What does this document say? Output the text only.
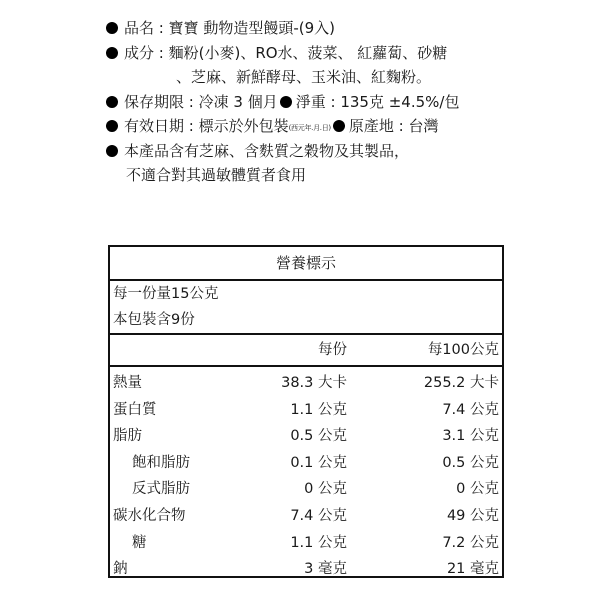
品名 : 寶寶 動物造型饅頭-(9入)
成分 : 麵粉(小麥)、RO水、菠菜、 紅蘿蔔、砂糖
、芝麻、新鮮酵母、玉米油、紅麴粉。
保存期限 : 冷凍 3 個月 淨重 : 135克 ±4.5%/包
有效日期 : 標示於外包裝(西元年.月.日) 原產地 : 台灣
本產品含有芝麻、含麩質之穀物及其製品，
不適合對其過敏體質者食用
營養標示
每一份量15公克
本包裝含9份
每份	每100公克
熱量	38.3 大卡	255.2 大卡
蛋白質	1.1 公克	7.4 公克
脂肪	0.5 公克	3.1 公克
飽和脂肪	0.1 公克	0.5 公克
反式脂肪	0 公克	0 公克
碳水化合物	7.4 公克	49 公克
糖	1.1 公克	7.2 公克
鈉	3 毫克	21 毫克
